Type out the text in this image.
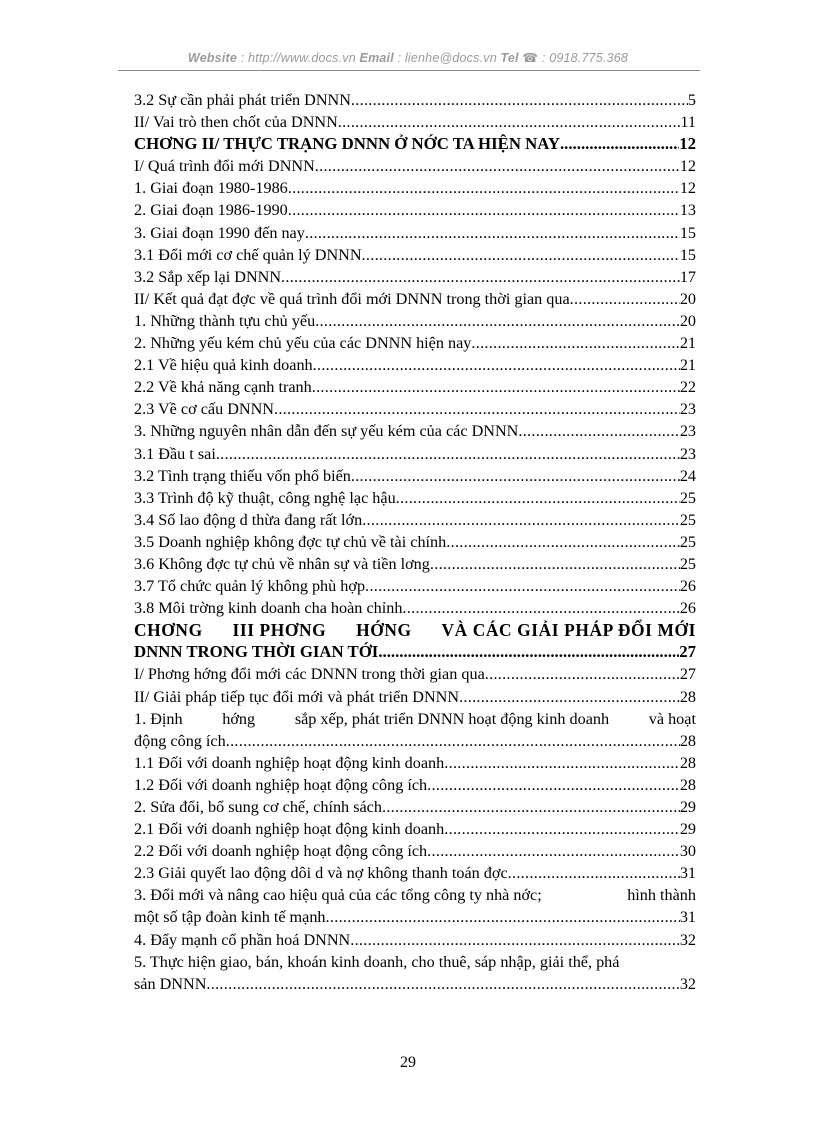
Website : http://www.docs.vn Email : lienhe@docs.vn Tel ☎ : 0918.775.368
3.2 Sự cần phải phát triển DNNN .....	5
II/ Vai trò then chốt của DNNN .....	11
CHƠNG II/ THỰC TRẠNG DNNN Ở NỚC TA HIỆN NAY .....	12
I/ Quá trình đổi mới DNNN .....	12
1. Giai đoạn 1980-1986 .....	12
2. Giai đoạn 1986-1990 .....	13
3. Giai đoạn 1990 đến nay .....	15
3.1 Đổi mới cơ chế quản lý DNNN .....	15
3.2 Sắp xếp lại DNNN .....	17
II/ Kết quả đạt đợc về quá trình đổi mới DNNN trong thời gian qua .....	20
1. Những thành tựu chủ yếu .....	20
2. Những yếu kém chủ yếu của các DNNN hiện nay .....	21
2.1 Về hiệu quả kinh doanh .....	21
2.2 Về khả năng cạnh tranh .....	22
2.3 Về cơ cấu DNNN .....	23
3. Những nguyên nhân dẫn đến sự yếu kém của các DNNN .....	23
3.1 Đầu t sai .....	23
3.2 Tình trạng thiếu vốn phổ biến .....	24
3.3 Trình độ kỹ thuật, công nghệ lạc hậu .....	25
3.4 Số lao động d thừa đang rất lớn .....	25
3.5 Doanh nghiệp không đợc tự chủ về tài chính .....	25
3.6 Không đợc tự chủ về nhân sự và tiền lơng .....	25
3.7 Tổ chức quản lý không phù hợp .....	26
3.8 Môi trờng kinh doanh cha hoàn chỉnh .....	26
CHƠNG III PHƠNG HỚNG VÀ CÁC GIẢI PHÁP ĐỔI MỚI
DNNN TRONG THỜI GIAN TỚI .....	27
I/ Phơng hớng đổi mới các DNNN trong thời gian qua .....	27
II/ Giải pháp tiếp tục đổi mới và phát triển DNNN .....	28
1. Định hớng sắp xếp, phát triển DNNN hoạt động kinh doanh và hoạt
động công ích .....	28
1.1 Đối với doanh nghiệp hoạt động kinh doanh .....	28
1.2 Đối với doanh nghiệp hoạt động công ích .....	28
2. Sửa đổi, bổ sung cơ chế, chính sách .....	29
2.1 Đối với doanh nghiệp hoạt động kinh doanh .....	29
2.2 Đối với doanh nghiệp hoạt động công ích .....	30
2.3 Giải quyết lao động dôi d và nợ không thanh toán đợc .....	31
3. Đổi mới và nâng cao hiệu quả của các tổng công ty nhà nớc;	hình thành
một số tập đoàn kinh tế mạnh .....	31
4. Đẩy mạnh cổ phần hoá DNNN .....	32
5. Thực hiện giao, bán, khoán kinh doanh, cho thuê, sáp nhập, giải thể, phá
sản DNNN .....	32
29
